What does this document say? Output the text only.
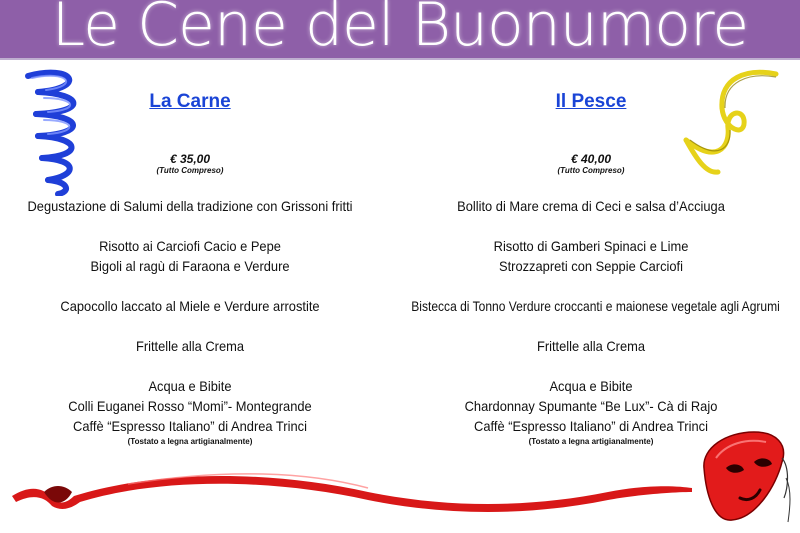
Le Cene del Buonumore
La Carne
€ 35,00
(Tutto Compreso)
Degustazione di Salumi della tradizione con Grissoni fritti
Risotto ai Carciofi Cacio e Pepe
Bigoli al ragù di Faraona e Verdure
Capocollo laccato al Miele e Verdure arrostite
Frittelle alla Crema
Acqua e Bibite
Colli Euganei Rosso “Momi”- Montegrande
Caffè “Espresso Italiano” di Andrea Trinci
(Tostato a legna artigianalmente)
Il Pesce
€ 40,00
(Tutto Compreso)
Bollito di Mare crema di Ceci e salsa d’Acciuga
Risotto di Gamberi Spinaci e Lime
Strozzapreti con Seppie Carciofi
Bistecca di Tonno Verdure croccanti e maionese vegetale agli Agrumi
Frittelle alla Crema
Acqua e Bibite
Chardonnay Spumante “Be Lux”- Cà di Rajo
Caffè “Espresso Italiano” di Andrea Trinci
(Tostato a legna artigianalmente)
